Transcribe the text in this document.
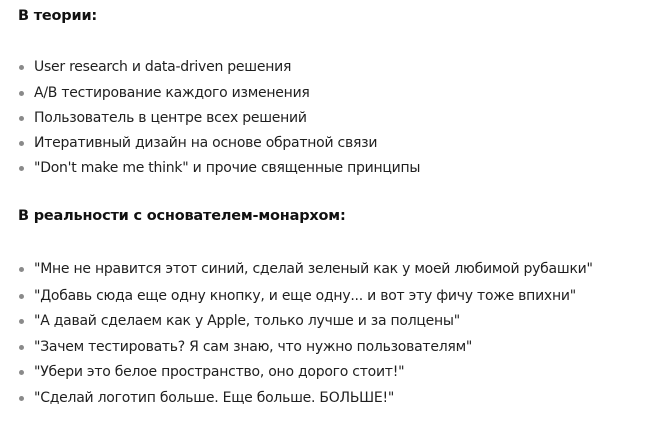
В теории:
User research и data-driven решения
A/B тестирование каждого изменения
Пользователь в центре всех решений
Итеративный дизайн на основе обратной связи
"Don't make me think" и прочие священные принципы
В реальности с основателем-монархом:
"Мне не нравится этот синий, сделай зеленый как у моей любимой рубашки"
"Добавь сюда еще одну кнопку, и еще одну... и вот эту фичу тоже впихни"
"А давай сделаем как у Apple, только лучше и за полцены"
"Зачем тестировать? Я сам знаю, что нужно пользователям"
"Убери это белое пространство, оно дорого стоит!"
"Сделай логотип больше. Еще больше. БОЛЬШЕ!"
